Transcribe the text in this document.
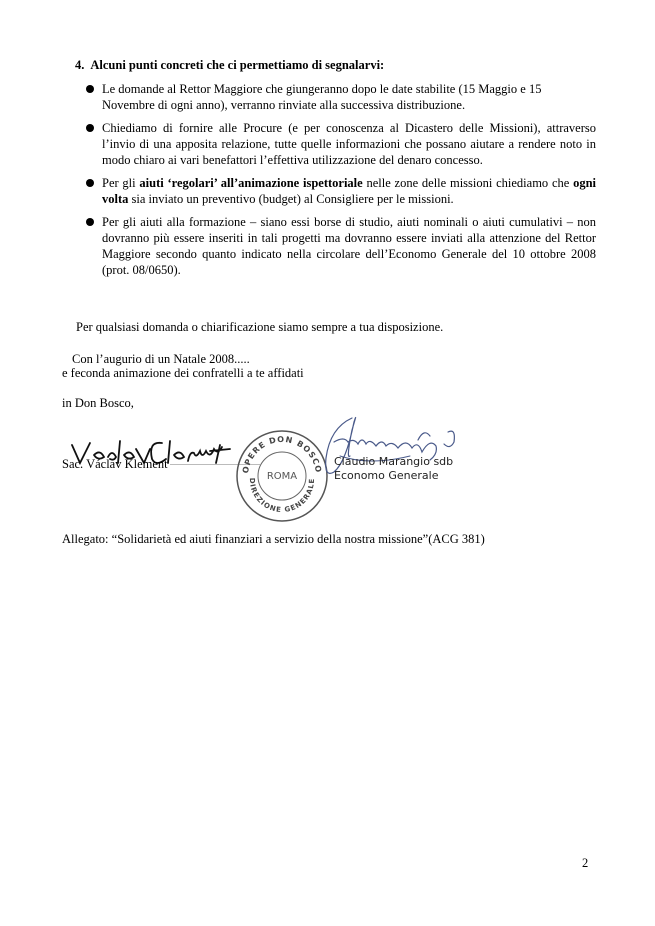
4. Alcuni punti concreti che ci permettiamo di segnalarvi:
Le domande al Rettor Maggiore che giungeranno dopo le date stabilite (15 Maggio e 15
Novembre di ogni anno), verranno rinviate alla successiva distribuzione.
Chiediamo di fornire alle Procure (e per conoscenza al Dicastero delle Missioni), attraverso l’invio di una apposita relazione, tutte quelle informazioni che possano aiutare a rendere noto in modo chiaro ai vari benefattori l’effettiva utilizzazione del denaro concesso.
Per gli aiuti ‘regolari’ all’animazione ispettoriale nelle zone delle missioni chiediamo che ogni volta sia inviato un preventivo (budget) al Consigliere per le missioni.
Per gli aiuti alla formazione – siano essi borse di studio, aiuti nominali o aiuti cumulativi – non dovranno più essere inseriti in tali progetti ma dovranno essere inviati alla attenzione del Rettor Maggiore secondo quanto indicato nella circolare dell’Economo Generale del 10 ottobre 2008 (prot. 08/0650).
Per qualsiasi domanda o chiarificazione siamo sempre a tua disposizione.
Con l’augurio di un Natale 2008.....
e feconda animazione dei confratelli a te affidati
in Don Bosco,
Sac. Václav Klement	OPERE DON BOSCO
DIREZIONE GENERALE
ROMA
Claudio Marangio sdb
Economo Generale
Allegato: “Solidarietà ed aiuti finanziari a servizio della nostra missione”(ACG 381)
2
